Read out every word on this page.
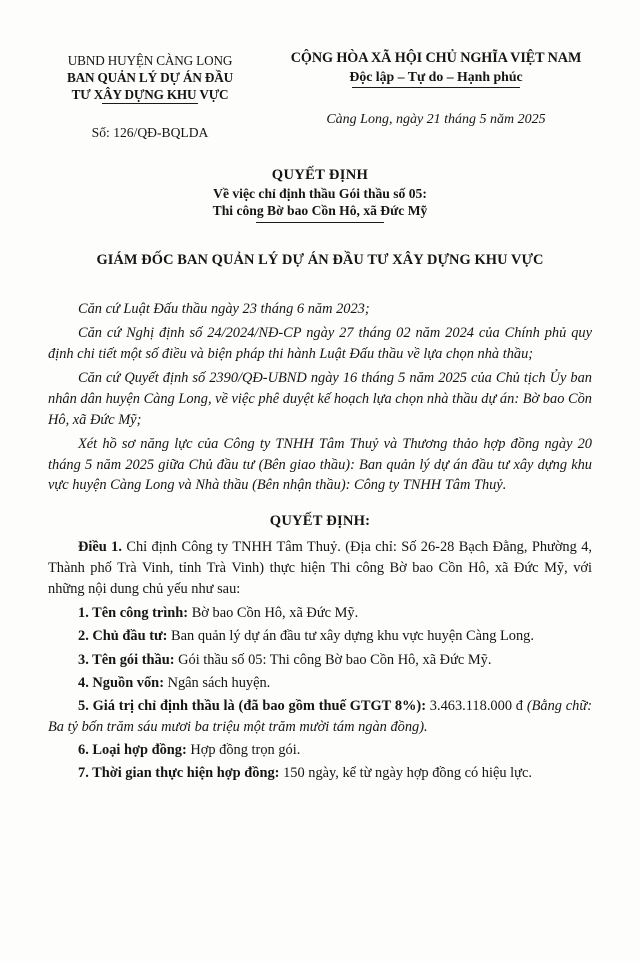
UBND HUYỆN CÀNG LONG
BAN QUẢN LÝ DỰ ÁN ĐẦU
TƯ XÂY DỰNG KHU VỰC
Số: 126/QĐ-BQLDA
CỘNG HÒA XÃ HỘI CHỦ NGHĨA VIỆT NAM
Độc lập – Tự do – Hạnh phúc
Càng Long, ngày 21 tháng 5 năm 2025
QUYẾT ĐỊNH
Về việc chỉ định thầu Gói thầu số 05:
Thi công Bờ bao Cồn Hô, xã Đức Mỹ
GIÁM ĐỐC BAN QUẢN LÝ DỰ ÁN ĐẦU TƯ XÂY DỰNG KHU VỰC

Căn cứ Luật Đấu thầu ngày 23 tháng 6 năm 2023;

Căn cứ Nghị định số 24/2024/NĐ-CP ngày 27 tháng 02 năm 2024 của Chính phủ quy định chi tiết một số điều và biện pháp thi hành Luật Đấu thầu về lựa chọn nhà thầu;

Căn cứ Quyết định số 2390/QĐ-UBND ngày 16 tháng 5 năm 2025 của Chủ tịch Ủy ban nhân dân huyện Càng Long, về việc phê duyệt kế hoạch lựa chọn nhà thầu dự án: Bờ bao Cồn Hô, xã Đức Mỹ;

Xét hồ sơ năng lực của Công ty TNHH Tâm Thuỷ và Thương thảo hợp đồng ngày 20 tháng 5 năm 2025 giữa Chủ đầu tư (Bên giao thầu): Ban quản lý dự án đầu tư xây dựng khu vực huyện Càng Long và Nhà thầu (Bên nhận thầu): Công ty TNHH Tâm Thuỷ.

QUYẾT ĐỊNH:

Điều 1. Chỉ định Công ty TNHH Tâm Thuỷ. (Địa chỉ: Số 26-28 Bạch Đằng, Phường 4, Thành phố Trà Vinh, tỉnh Trà Vinh) thực hiện Thi công Bờ bao Cồn Hô, xã Đức Mỹ, với những nội dung chủ yếu như sau:

1. Tên công trình: Bờ bao Cồn Hô, xã Đức Mỹ.

2. Chủ đầu tư: Ban quản lý dự án đầu tư xây dựng khu vực huyện Càng Long.

3. Tên gói thầu: Gói thầu số 05: Thi công Bờ bao Cồn Hô, xã Đức Mỹ.

4. Nguồn vốn: Ngân sách huyện.

5. Giá trị chỉ định thầu là (đã bao gồm thuế GTGT 8%): 3.463.118.000 đ (Bằng chữ: Ba tỷ bốn trăm sáu mươi ba triệu một trăm mười tám ngàn đồng).

6. Loại hợp đồng: Hợp đồng trọn gói.

7. Thời gian thực hiện hợp đồng: 150 ngày, kể từ ngày hợp đồng có hiệu lực.
